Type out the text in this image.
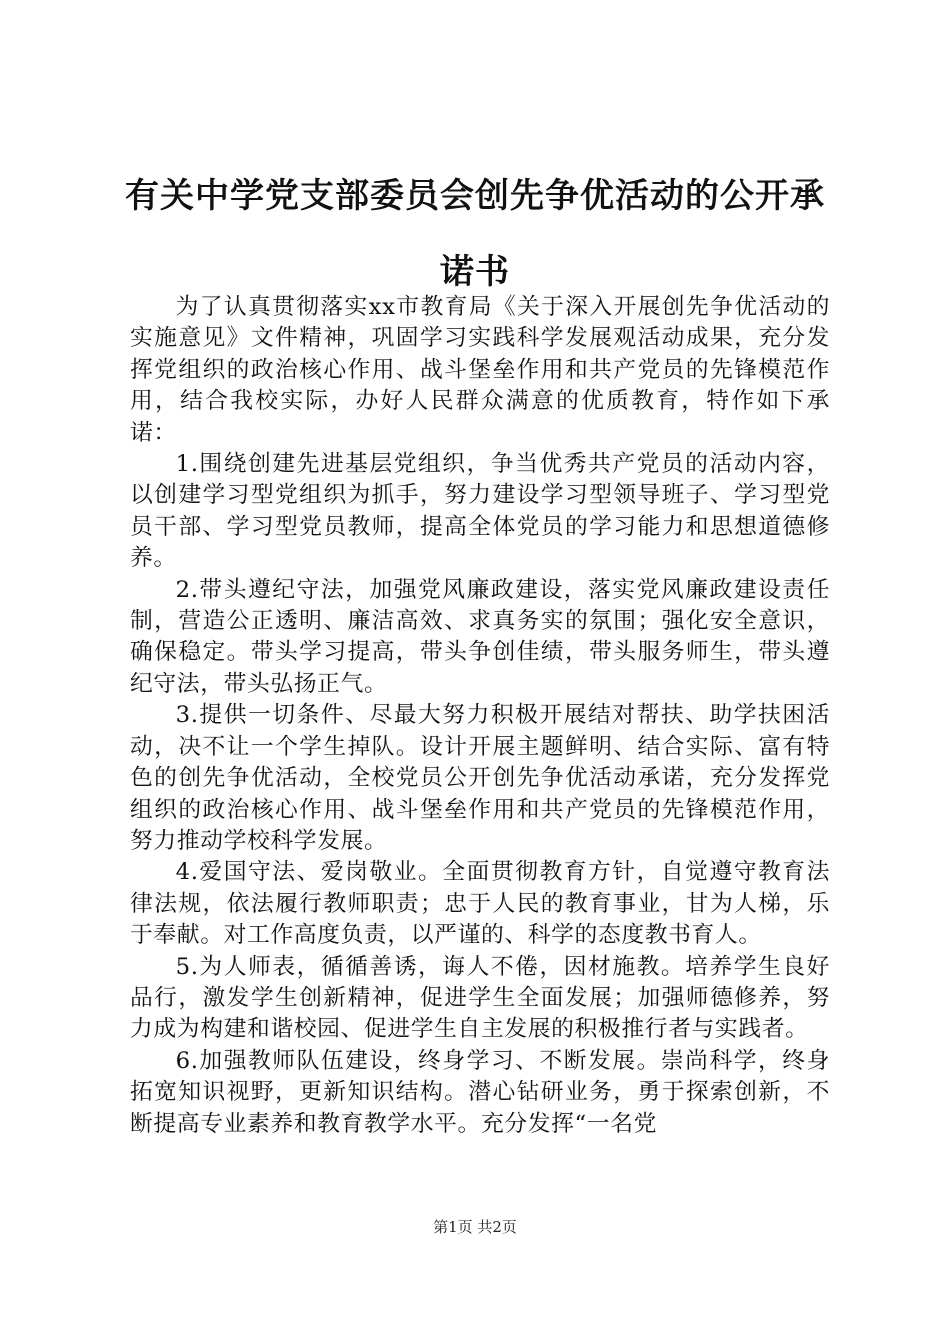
有关中学党支部委员会创先争优活动的公开承诺书

为了认真贯彻落实xx市教育局《关于深入开展创先争优活动的实施意见》文件精神，巩固学习实践科学发展观活动成果，充分发挥党组织的政治核心作用、战斗堡垒作用和共产党员的先锋模范作用，结合我校实际，办好人民群众满意的优质教育，特作如下承诺：

1.围绕创建先进基层党组织，争当优秀共产党员的活动内容，以创建学习型党组织为抓手，努力建设学习型领导班子、学习型党员干部、学习型党员教师，提高全体党员的学习能力和思想道德修养。

2.带头遵纪守法，加强党风廉政建设，落实党风廉政建设责任制，营造公正透明、廉洁高效、求真务实的氛围；强化安全意识，确保稳定。带头学习提高，带头争创佳绩，带头服务师生，带头遵纪守法，带头弘扬正气。

3.提供一切条件、尽最大努力积极开展结对帮扶、助学扶困活动，决不让一个学生掉队。设计开展主题鲜明、结合实际、富有特色的创先争优活动，全校党员公开创先争优活动承诺，充分发挥党组织的政治核心作用、战斗堡垒作用和共产党员的先锋模范作用，努力推动学校科学发展。

4.爱国守法、爱岗敬业。全面贯彻教育方针，自觉遵守教育法律法规，依法履行教师职责；忠于人民的教育事业，甘为人梯，乐于奉献。对工作高度负责，以严谨的、科学的态度教书育人。

5.为人师表，循循善诱，诲人不倦，因材施教。培养学生良好品行，激发学生创新精神，促进学生全面发展；加强师德修养，努力成为构建和谐校园、促进学生自主发展的积极推行者与实践者。

6.加强教师队伍建设，终身学习、不断发展。崇尚科学，终身拓宽知识视野，更新知识结构。潜心钻研业务，勇于探索创新，不断提高专业素养和教育教学水平。充分发挥“一名党

第1页 共2页
